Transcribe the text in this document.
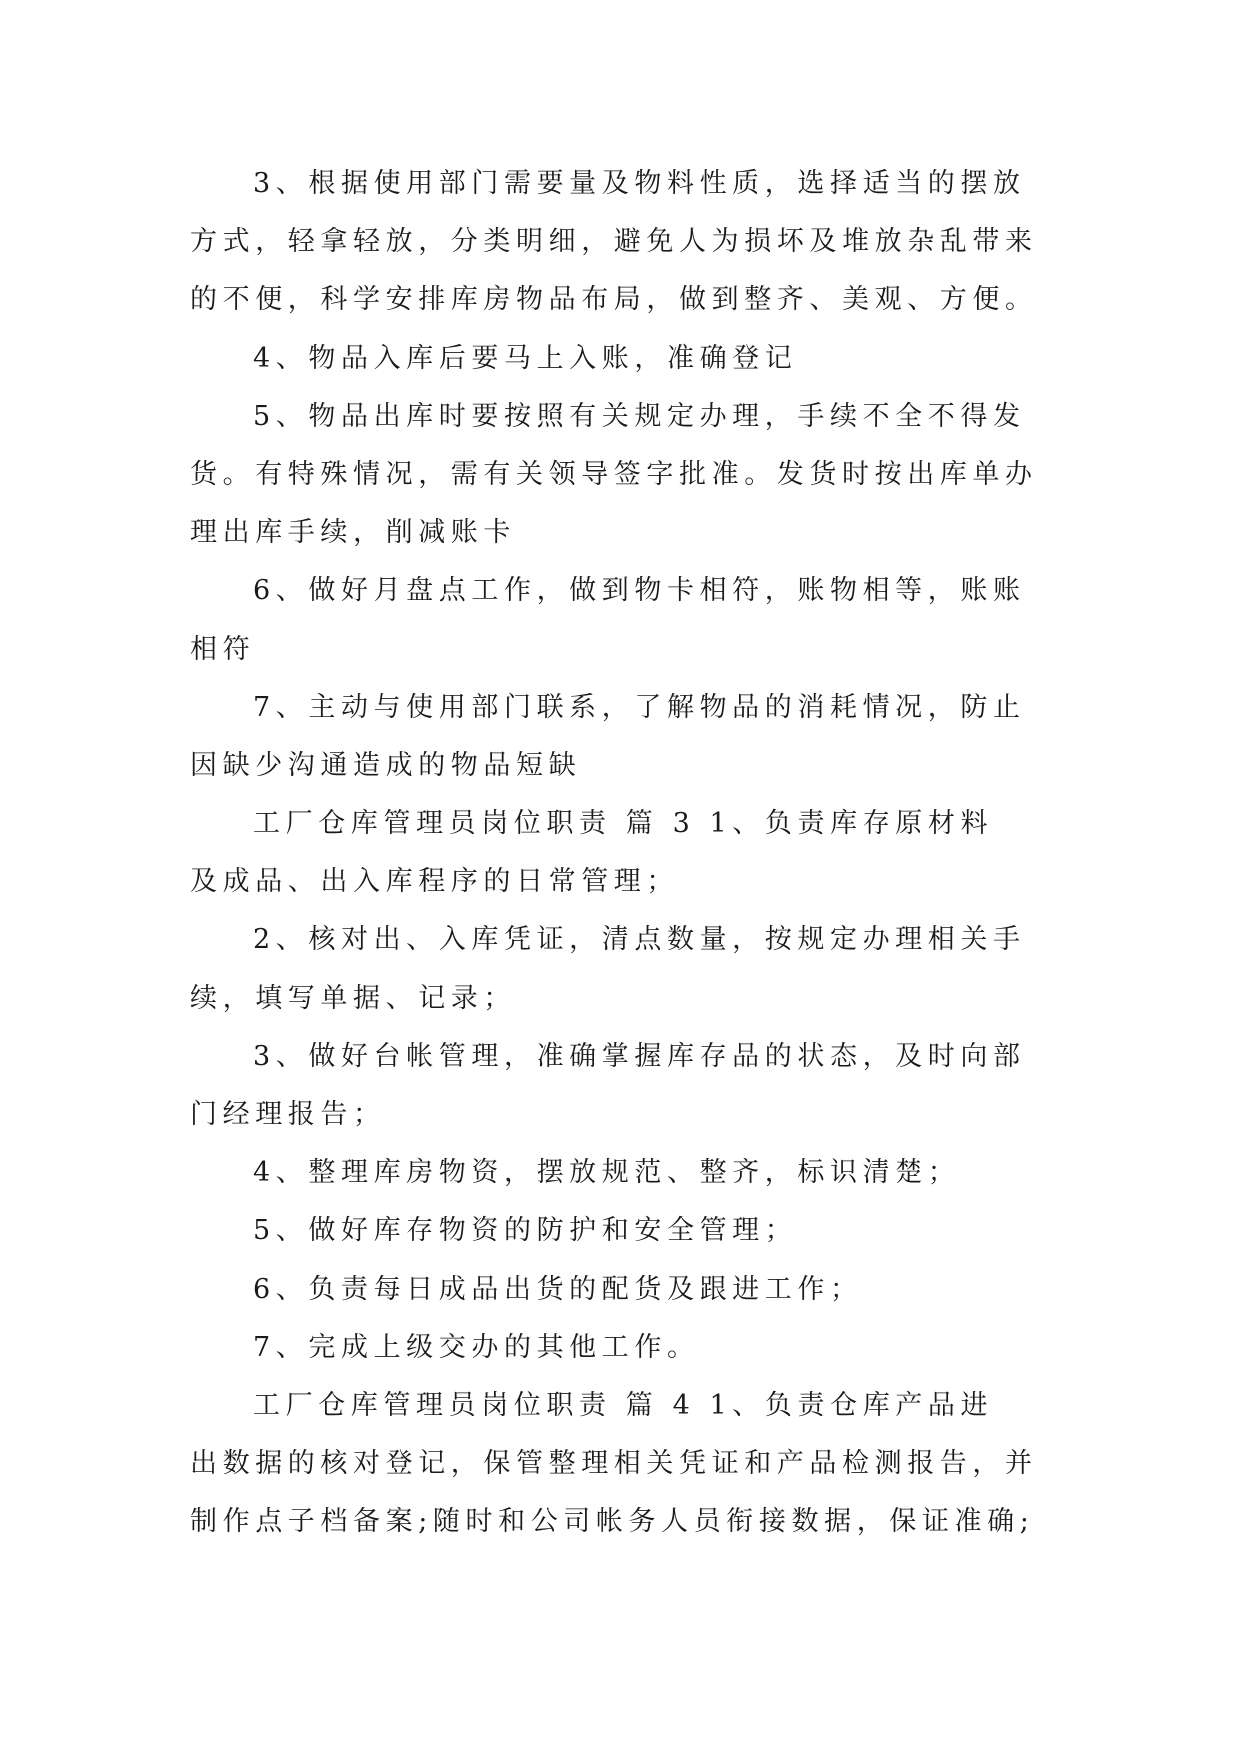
3、根据使用部门需要量及物料性质，选择适当的摆放
方式，轻拿轻放，分类明细，避免人为损坏及堆放杂乱带来
的不便，科学安排库房物品布局，做到整齐、美观、方便。
4、物品入库后要马上入账，准确登记
5、物品出库时要按照有关规定办理，手续不全不得发
货。有特殊情况，需有关领导签字批准。发货时按出库单办
理出库手续，削减账卡
6、做好月盘点工作，做到物卡相符，账物相等，账账
相符
7、主动与使用部门联系，了解物品的消耗情况，防止
因缺少沟通造成的物品短缺
工厂仓库管理员岗位职责 篇 3 1、负责库存原材料
及成品、出入库程序的日常管理；
2、核对出、入库凭证，清点数量，按规定办理相关手
续，填写单据、记录；
3、做好台帐管理，准确掌握库存品的状态，及时向部
门经理报告；
4、整理库房物资，摆放规范、整齐，标识清楚；
5、做好库存物资的防护和安全管理；
6、负责每日成品出货的配货及跟进工作；
7、完成上级交办的其他工作。
工厂仓库管理员岗位职责 篇 4 1、负责仓库产品进
出数据的核对登记，保管整理相关凭证和产品检测报告，并
制作点子档备案;随时和公司帐务人员衔接数据，保证准确;
